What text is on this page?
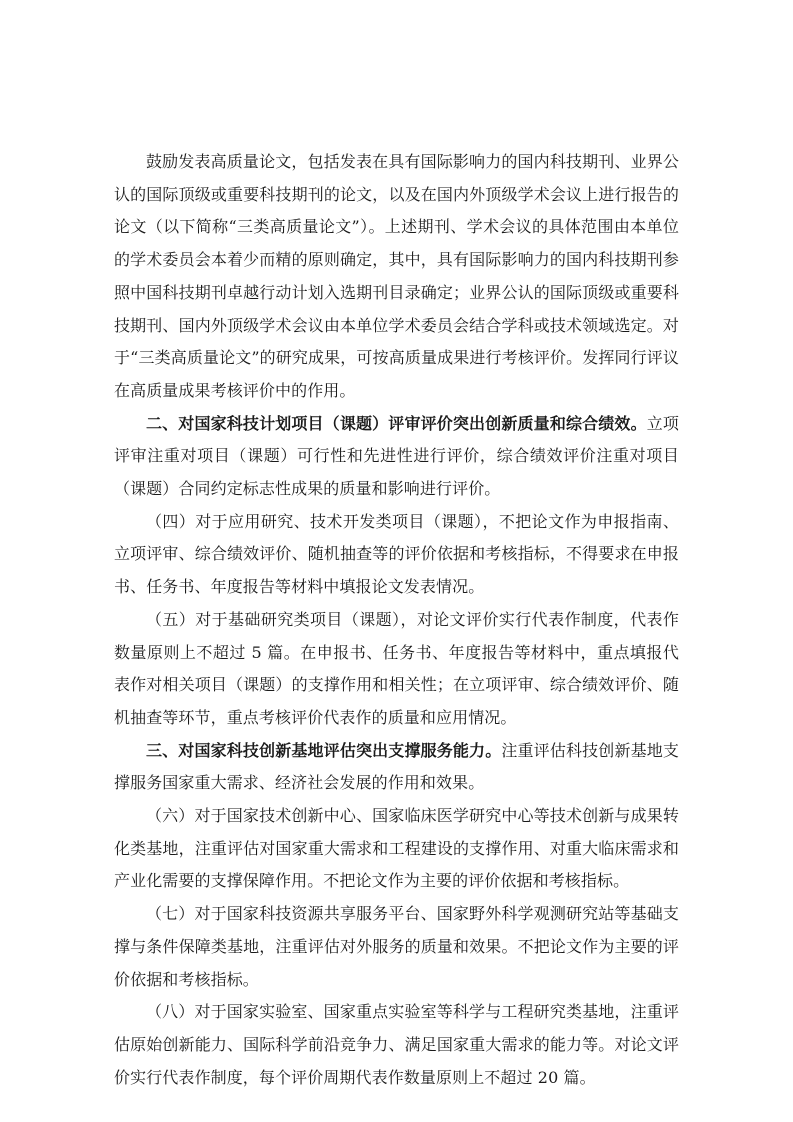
鼓励发表高质量论文，包括发表在具有国际影响力的国内科技期刊、业界公认的国际顶级或重要科技期刊的论文，以及在国内外顶级学术会议上进行报告的论文（以下简称“三类高质量论文”）。上述期刊、学术会议的具体范围由本单位的学术委员会本着少而精的原则确定，其中，具有国际影响力的国内科技期刊参照中国科技期刊卓越行动计划入选期刊目录确定；业界公认的国际顶级或重要科技期刊、国内外顶级学术会议由本单位学术委员会结合学科或技术领域选定。对于“三类高质量论文”的研究成果，可按高质量成果进行考核评价。发挥同行评议在高质量成果考核评价中的作用。

二、对国家科技计划项目（课题）评审评价突出创新质量和综合绩效。立项评审注重对项目（课题）可行性和先进性进行评价，综合绩效评价注重对项目（课题）合同约定标志性成果的质量和影响进行评价。

（四）对于应用研究、技术开发类项目（课题），不把论文作为申报指南、立项评审、综合绩效评价、随机抽查等的评价依据和考核指标，不得要求在申报书、任务书、年度报告等材料中填报论文发表情况。

（五）对于基础研究类项目（课题），对论文评价实行代表作制度，代表作数量原则上不超过 5 篇。在申报书、任务书、年度报告等材料中，重点填报代表作对相关项目（课题）的支撑作用和相关性；在立项评审、综合绩效评价、随机抽查等环节，重点考核评价代表作的质量和应用情况。

三、对国家科技创新基地评估突出支撑服务能力。注重评估科技创新基地支撑服务国家重大需求、经济社会发展的作用和效果。

（六）对于国家技术创新中心、国家临床医学研究中心等技术创新与成果转化类基地，注重评估对国家重大需求和工程建设的支撑作用、对重大临床需求和产业化需要的支撑保障作用。不把论文作为主要的评价依据和考核指标。

（七）对于国家科技资源共享服务平台、国家野外科学观测研究站等基础支撑与条件保障类基地，注重评估对外服务的质量和效果。不把论文作为主要的评价依据和考核指标。

（八）对于国家实验室、国家重点实验室等科学与工程研究类基地，注重评估原始创新能力、国际科学前沿竞争力、满足国家重大需求的能力等。对论文评价实行代表作制度，每个评价周期代表作数量原则上不超过 20 篇。
